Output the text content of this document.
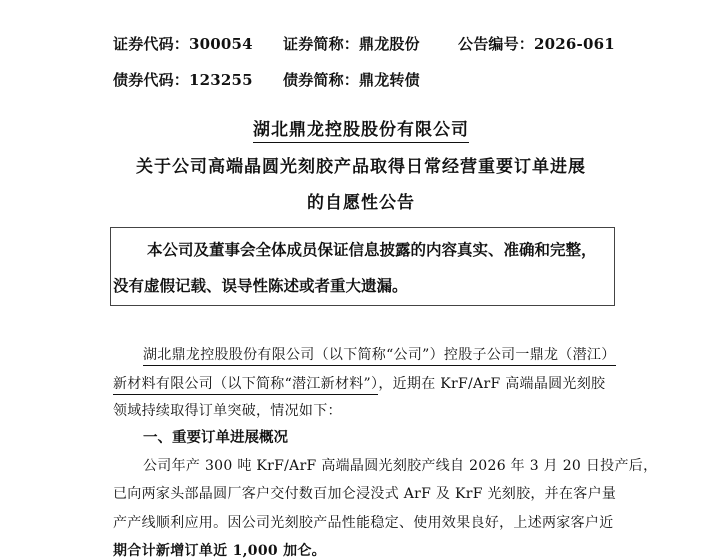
证券代码：300054 证券简称：鼎龙股份	公告编号：2026-061
债券代码：123255 债券简称：鼎龙转债
湖北鼎龙控股股份有限公司
关于公司高端晶圆光刻胶产品取得日常经营重要订单进展
的自愿性公告
本公司及董事会全体成员保证信息披露的内容真实、准确和完整，
没有虚假记载、误导性陈述或者重大遗漏。
湖北鼎龙控股股份有限公司（以下简称“公司”）控股子公司一鼎龙（潜江）
新材料有限公司（以下简称“潜江新材料”），近期在 KrF/ArF 高端晶圆光刻胶
领域持续取得订单突破，情况如下：
一、重要订单进展概况
公司年产 300 吨 KrF/ArF 高端晶圆光刻胶产线自 2026 年 3 月 20 日投产后，
已向两家头部晶圆厂客户交付数百加仑浸没式 ArF 及 KrF 光刻胶，并在客户量
产产线顺利应用。因公司光刻胶产品性能稳定、使用效果良好，上述两家客户近
期合计新增订单近 1,000 加仑。
